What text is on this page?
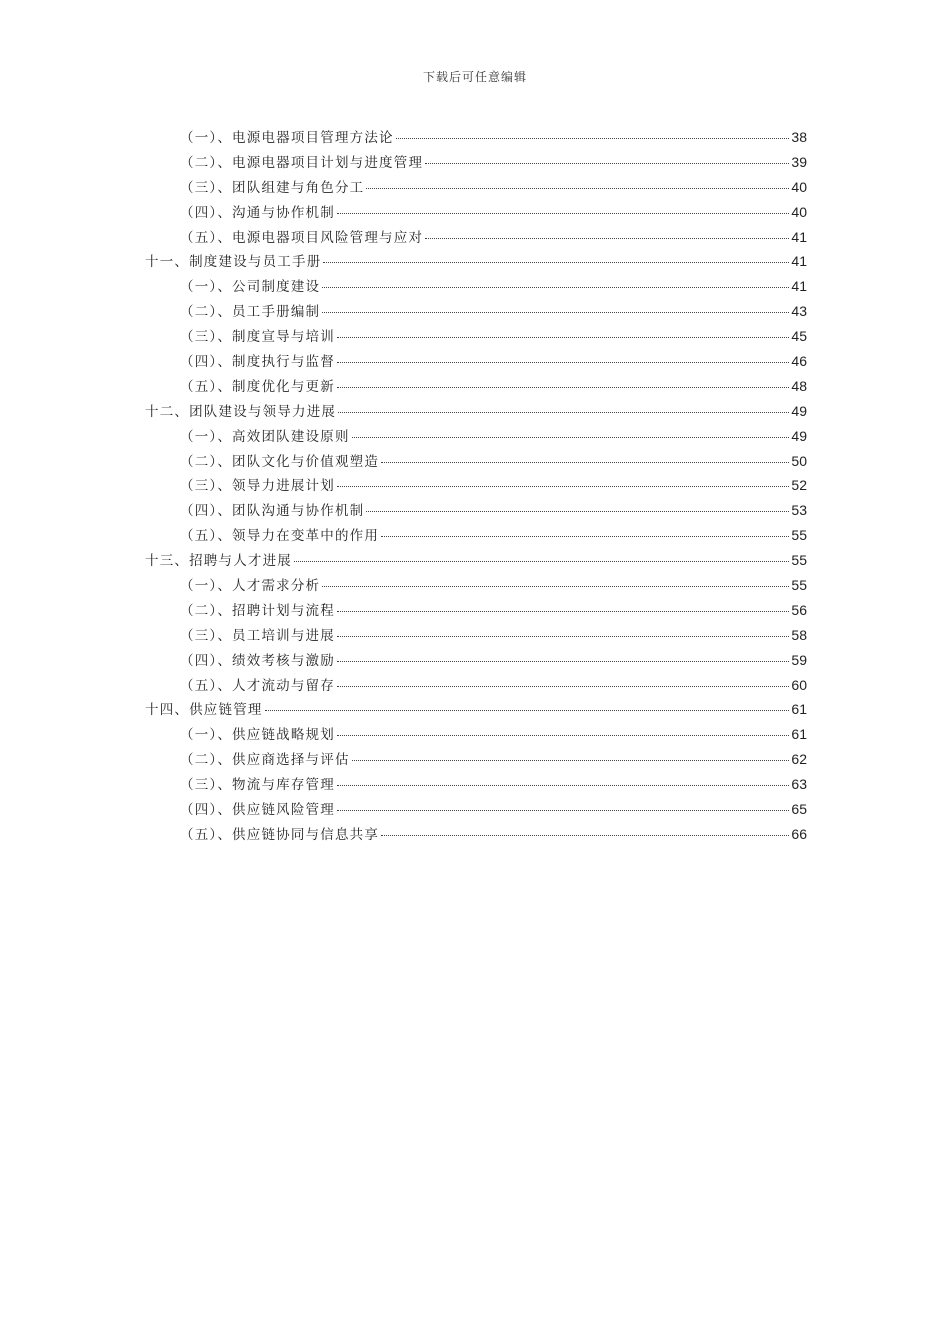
下载后可任意编辑
（一）、电源电器项目管理方法论	38
（二）、电源电器项目计划与进度管理	39
（三）、团队组建与角色分工	40
（四）、沟通与协作机制	40
（五）、电源电器项目风险管理与应对	41
十一、制度建设与员工手册	41
（一）、公司制度建设	41
（二）、员工手册编制	43
（三）、制度宣导与培训	45
（四）、制度执行与监督	46
（五）、制度优化与更新	48
十二、团队建设与领导力进展	49
（一）、高效团队建设原则	49
（二）、团队文化与价值观塑造	50
（三）、领导力进展计划	52
（四）、团队沟通与协作机制	53
（五）、领导力在变革中的作用	55
十三、招聘与人才进展	55
（一）、人才需求分析	55
（二）、招聘计划与流程	56
（三）、员工培训与进展	58
（四）、绩效考核与激励	59
（五）、人才流动与留存	60
十四、供应链管理	61
（一）、供应链战略规划	61
（二）、供应商选择与评估	62
（三）、物流与库存管理	63
（四）、供应链风险管理	65
（五）、供应链协同与信息共享	66
